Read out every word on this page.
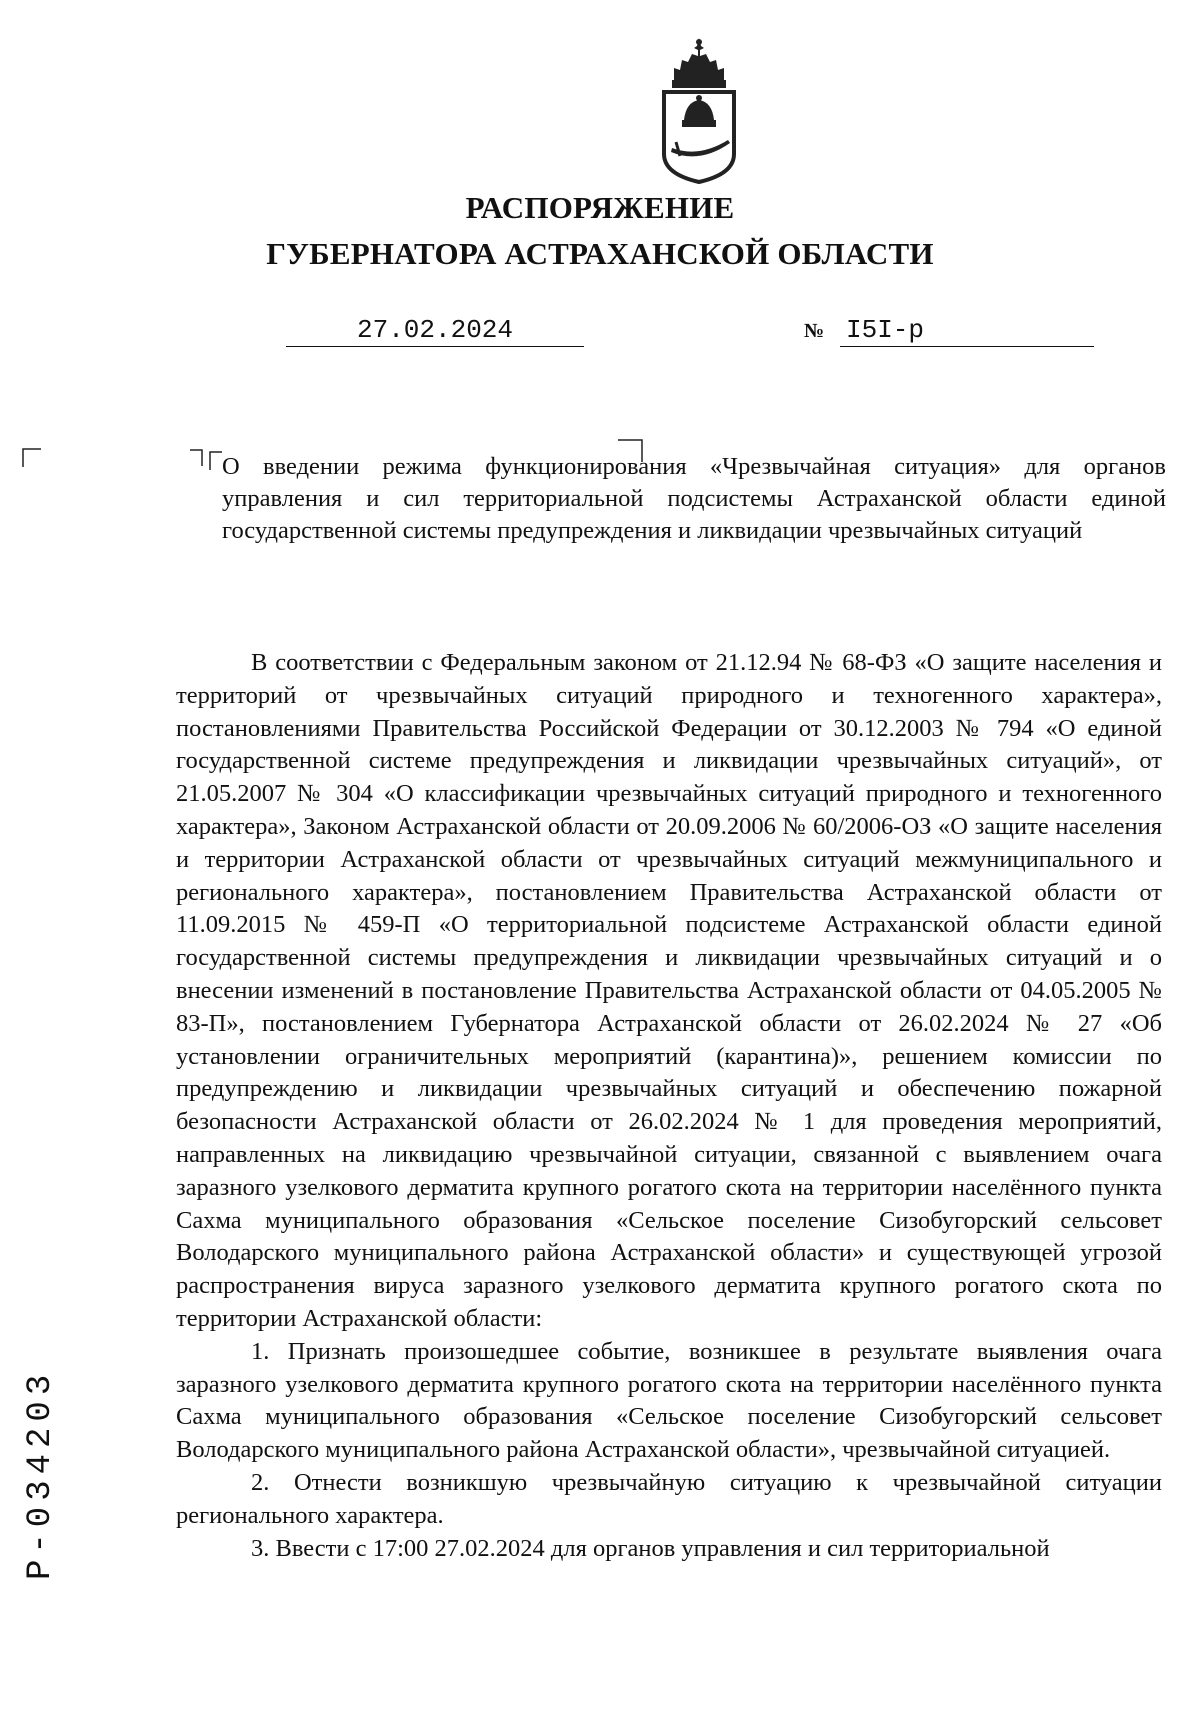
РАСПОРЯЖЕНИЕ
ГУБЕРНАТОРА АСТРАХАНСКОЙ ОБЛАСТИ
27.02.2024	№ I5I-р
О введении режима функционирования «Чрезвычайная ситуация» для органов управления и сил территориальной подсистемы Астраханской области единой государственной системы предупреждения и ликвидации чрезвычайных ситуаций

В соответствии с Федеральным законом от 21.12.94 № 68-ФЗ «О защите населения и территорий от чрезвычайных ситуаций природного и техногенного характера», постановлениями Правительства Российской Федерации от 30.12.2003 № 794 «О единой государственной системе предупреждения и ликвидации чрезвычайных ситуаций», от 21.05.2007 № 304 «О классификации чрезвычайных ситуаций природного и техногенного характера», Законом Астраханской области от 20.09.2006 № 60/2006-ОЗ «О защите населения и территории Астраханской области от чрезвычайных ситуаций межмуниципального и регионального характера», постановлением Правительства Астраханской области от 11.09.2015 № 459-П «О территориальной подсистеме Астраханской области единой государственной системы предупреждения и ликвидации чрезвычайных ситуаций и о внесении изменений в постановление Правительства Астраханской области от 04.05.2005 № 83-П», постановлением Губернатора Астраханской области от 26.02.2024 № 27 «Об установлении ограничительных мероприятий (карантина)», решением комиссии по предупреждению и ликвидации чрезвычайных ситуаций и обеспечению пожарной безопасности Астраханской области от 26.02.2024 № 1 для проведения мероприятий, направленных на ликвидацию чрезвычайной ситуации, связанной с выявлением очага заразного узелкового дерматита крупного рогатого скота на территории населённого пункта Сахма муниципального образования «Сельское поселение Сизобугорский сельсовет Володарского муниципального района Астраханской области» и существующей угрозой распространения вируса заразного узелкового дерматита крупного рогатого скота по территории Астраханской области:

1. Признать произошедшее событие, возникшее в результате выявления очага заразного узелкового дерматита крупного рогатого скота на территории населённого пункта Сахма муниципального образования «Сельское поселение Сизобугорский сельсовет Володарского муниципального района Астраханской области», чрезвычайной ситуацией.

2. Отнести возникшую чрезвычайную ситуацию к чрезвычайной ситуации регионального характера.

3. Ввести с 17:00 27.02.2024 для органов управления и сил территориальной

Р-034203
